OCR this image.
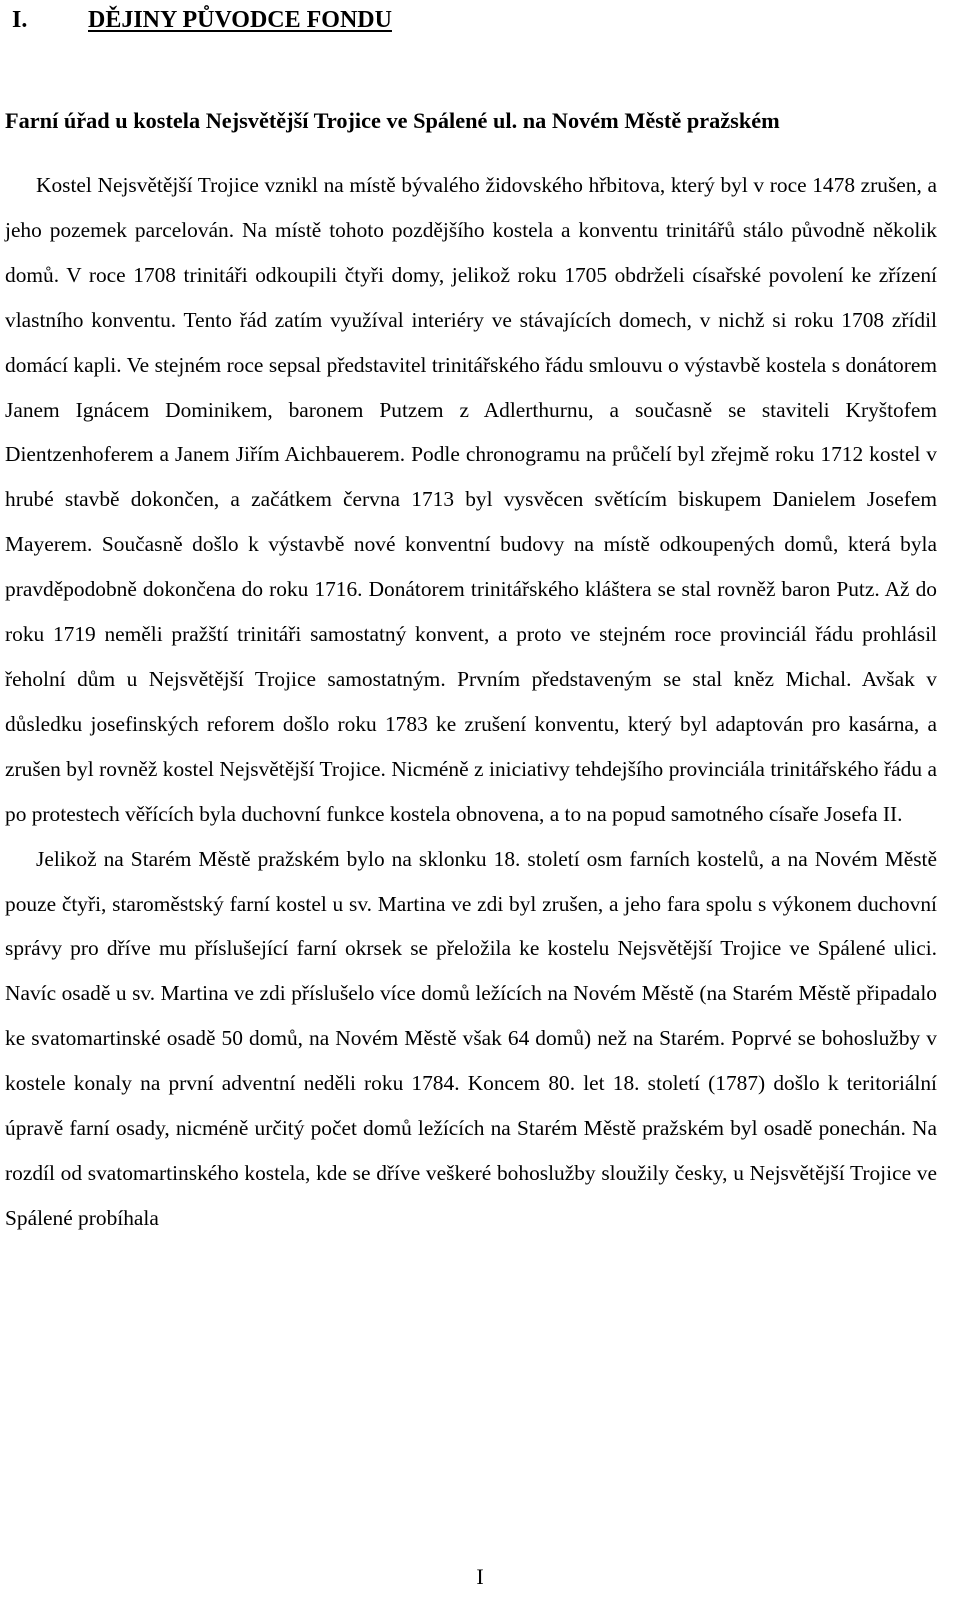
I.	DĚJINY PŮVODCE FONDU
Farní úřad u kostela Nejsvětější Trojice ve Spálené ul. na Novém Městě pražském

Kostel Nejsvětější Trojice vznikl na místě bývalého židovského hřbitova, který byl v roce 1478 zrušen, a jeho pozemek parcelován. Na místě tohoto pozdějšího kostela a konventu trinitářů stálo původně několik domů. V roce 1708 trinitáři odkoupili čtyři domy, jelikož roku 1705 obdrželi císařské povolení ke zřízení vlastního konventu. Tento řád zatím využíval interiéry ve stávajících domech, v nichž si roku 1708 zřídil domácí kapli. Ve stejném roce sepsal představitel trinitářského řádu smlouvu o výstavbě kostela s donátorem Janem Ignácem Dominikem, baronem Putzem z Adlerthurnu, a současně se staviteli Kryštofem Dientzenhoferem a Janem Jiřím Aichbauerem. Podle chronogramu na průčelí byl zřejmě roku 1712 kostel v hrubé stavbě dokončen, a začátkem června 1713 byl vysvěcen světícím biskupem Danielem Josefem Mayerem. Současně došlo k výstavbě nové konventní budovy na místě odkoupených domů, která byla pravděpodobně dokončena do roku 1716. Donátorem trinitářského kláštera se stal rovněž baron Putz. Až do roku 1719 neměli pražští trinitáři samostatný konvent, a proto ve stejném roce provinciál řádu prohlásil řeholní dům u Nejsvětější Trojice samostatným. Prvním představeným se stal kněz Michal. Avšak v důsledku josefinských reforem došlo roku 1783 ke zrušení konventu, který byl adaptován pro kasárna, a zrušen byl rovněž kostel Nejsvětější Trojice. Nicméně z iniciativy tehdejšího provinciála trinitářského řádu a po protestech věřících byla duchovní funkce kostela obnovena, a to na popud samotného císaře Josefa II.

Jelikož na Starém Městě pražském bylo na sklonku 18. století osm farních kostelů, a na Novém Městě pouze čtyři, staroměstský farní kostel u sv. Martina ve zdi byl zrušen, a jeho fara spolu s výkonem duchovní správy pro dříve mu příslušející farní okrsek se přeložila ke kostelu Nejsvětější Trojice ve Spálené ulici. Navíc osadě u sv. Martina ve zdi příslušelo více domů ležících na Novém Městě (na Starém Městě připadalo ke svatomartinské osadě 50 domů, na Novém Městě však 64 domů) než na Starém. Poprvé se bohoslužby v kostele konaly na první adventní neděli roku 1784. Koncem 80. let 18. století (1787) došlo k teritoriální úpravě farní osady, nicméně určitý počet domů ležících na Starém Městě pražském byl osadě ponechán. Na rozdíl od svatomartinského kostela, kde se dříve veškeré bohoslužby sloužily česky, u Nejsvětější Trojice ve Spálené probíhala

I
